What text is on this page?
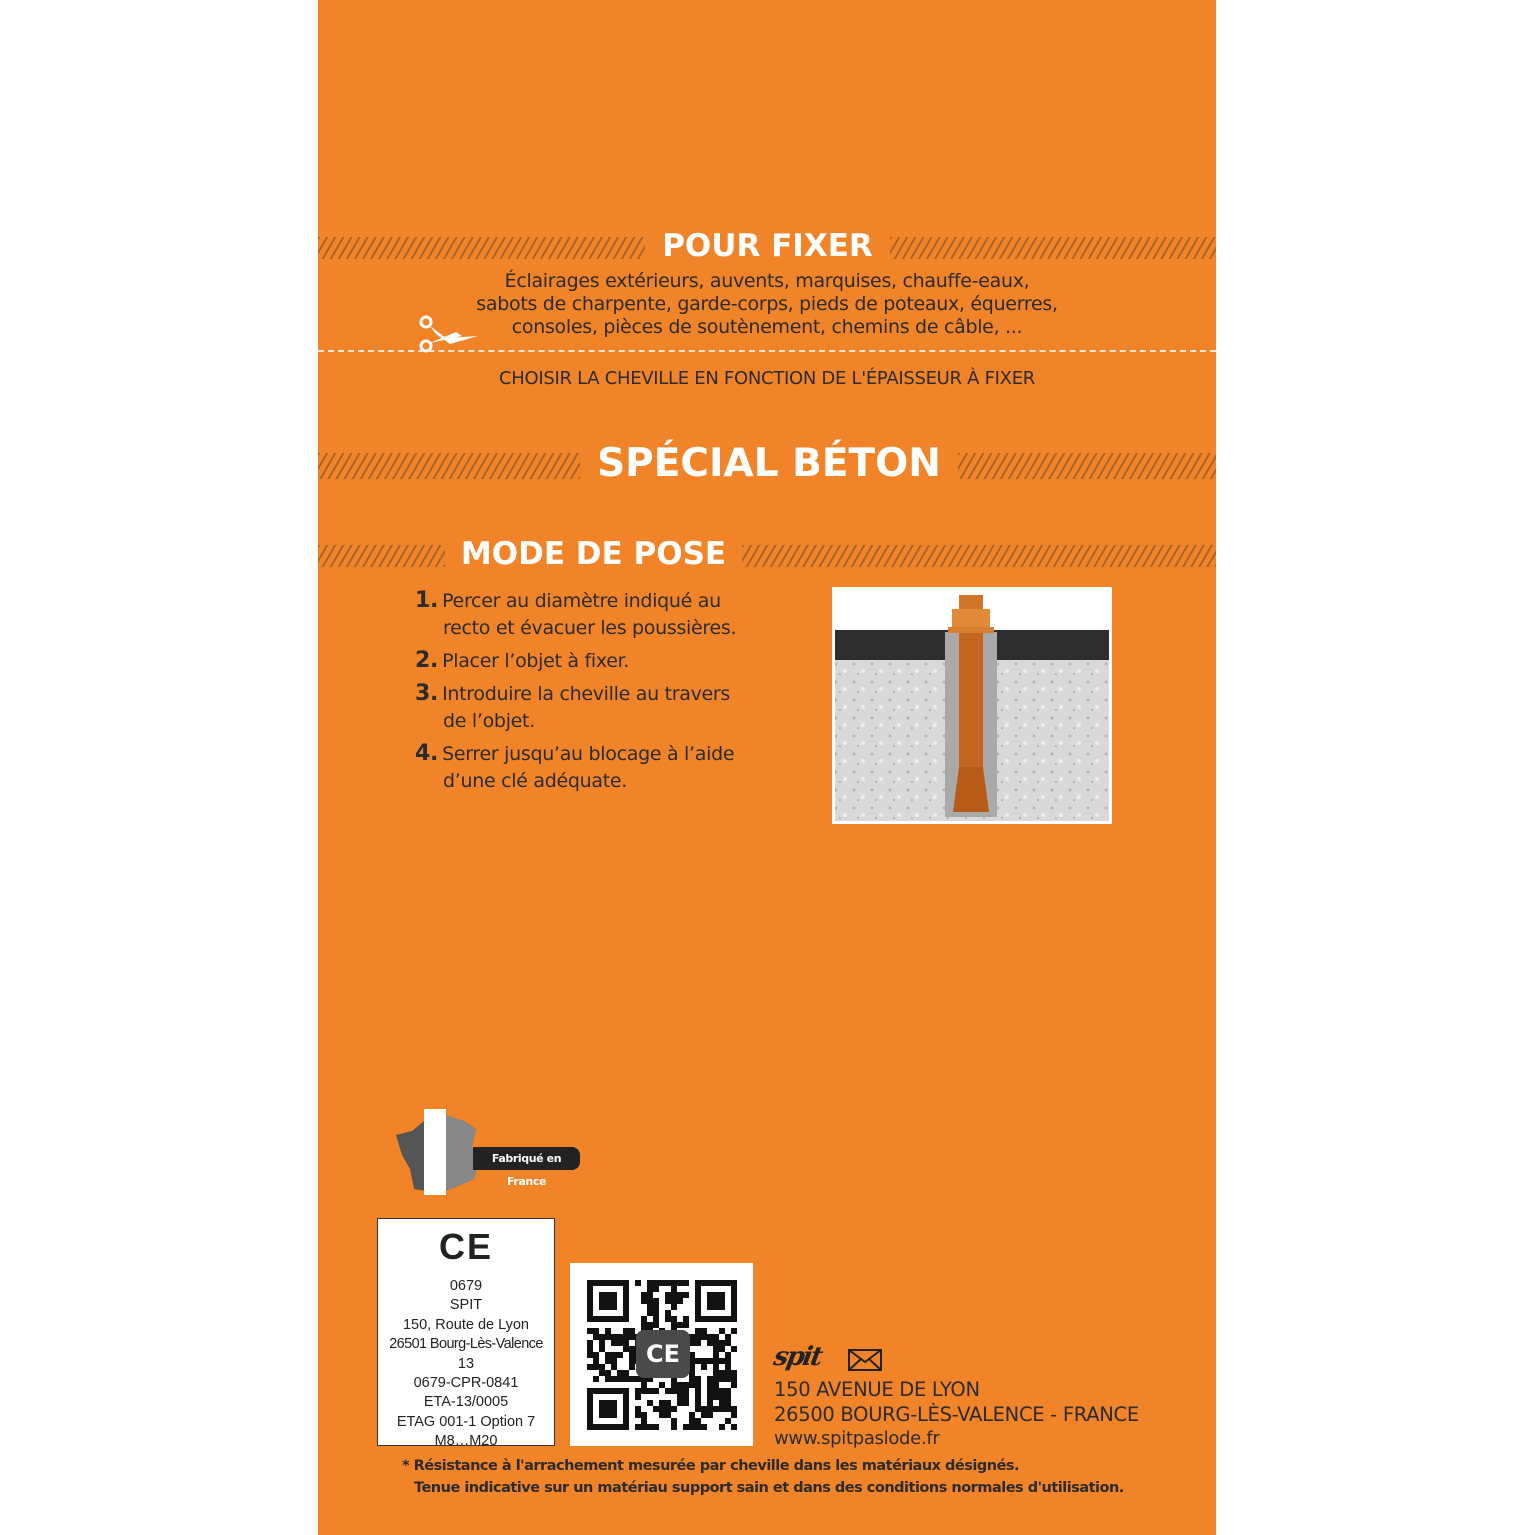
POUR FIXER
Éclairages extérieurs, auvents, marquises, chauffe-eaux,
sabots de charpente, garde-corps, pieds de poteaux, équerres,
consoles, pièces de soutènement, chemins de câble, ...
CHOISIR LA CHEVILLE EN FONCTION DE L'ÉPAISSEUR À FIXER
SPÉCIAL BÉTON
MODE DE POSE
1. Percer au diamètre indiqué au
recto et évacuer les poussières.
2. Placer l’objet à fixer.
3. Introduire la cheville au travers
de l’objet.
4. Serrer jusqu’au blocage à l’aide
d’une clé adéquate.
Fabriqué en France
CE
0679
SPIT
150, Route de Lyon
26501 Bourg-Lès-Valence
13
0679-CPR-0841
ETA-13/0005
ETAG 001-1 Option 7
M8…M20
CE	spit
150 AVENUE DE LYON
26500 BOURG-LÈS-VALENCE - FRANCE
www.spitpaslode.fr
* Résistance à l'arrachement mesurée par cheville dans les matériaux désignés.
Tenue indicative sur un matériau support sain et dans des conditions normales d'utilisation.
